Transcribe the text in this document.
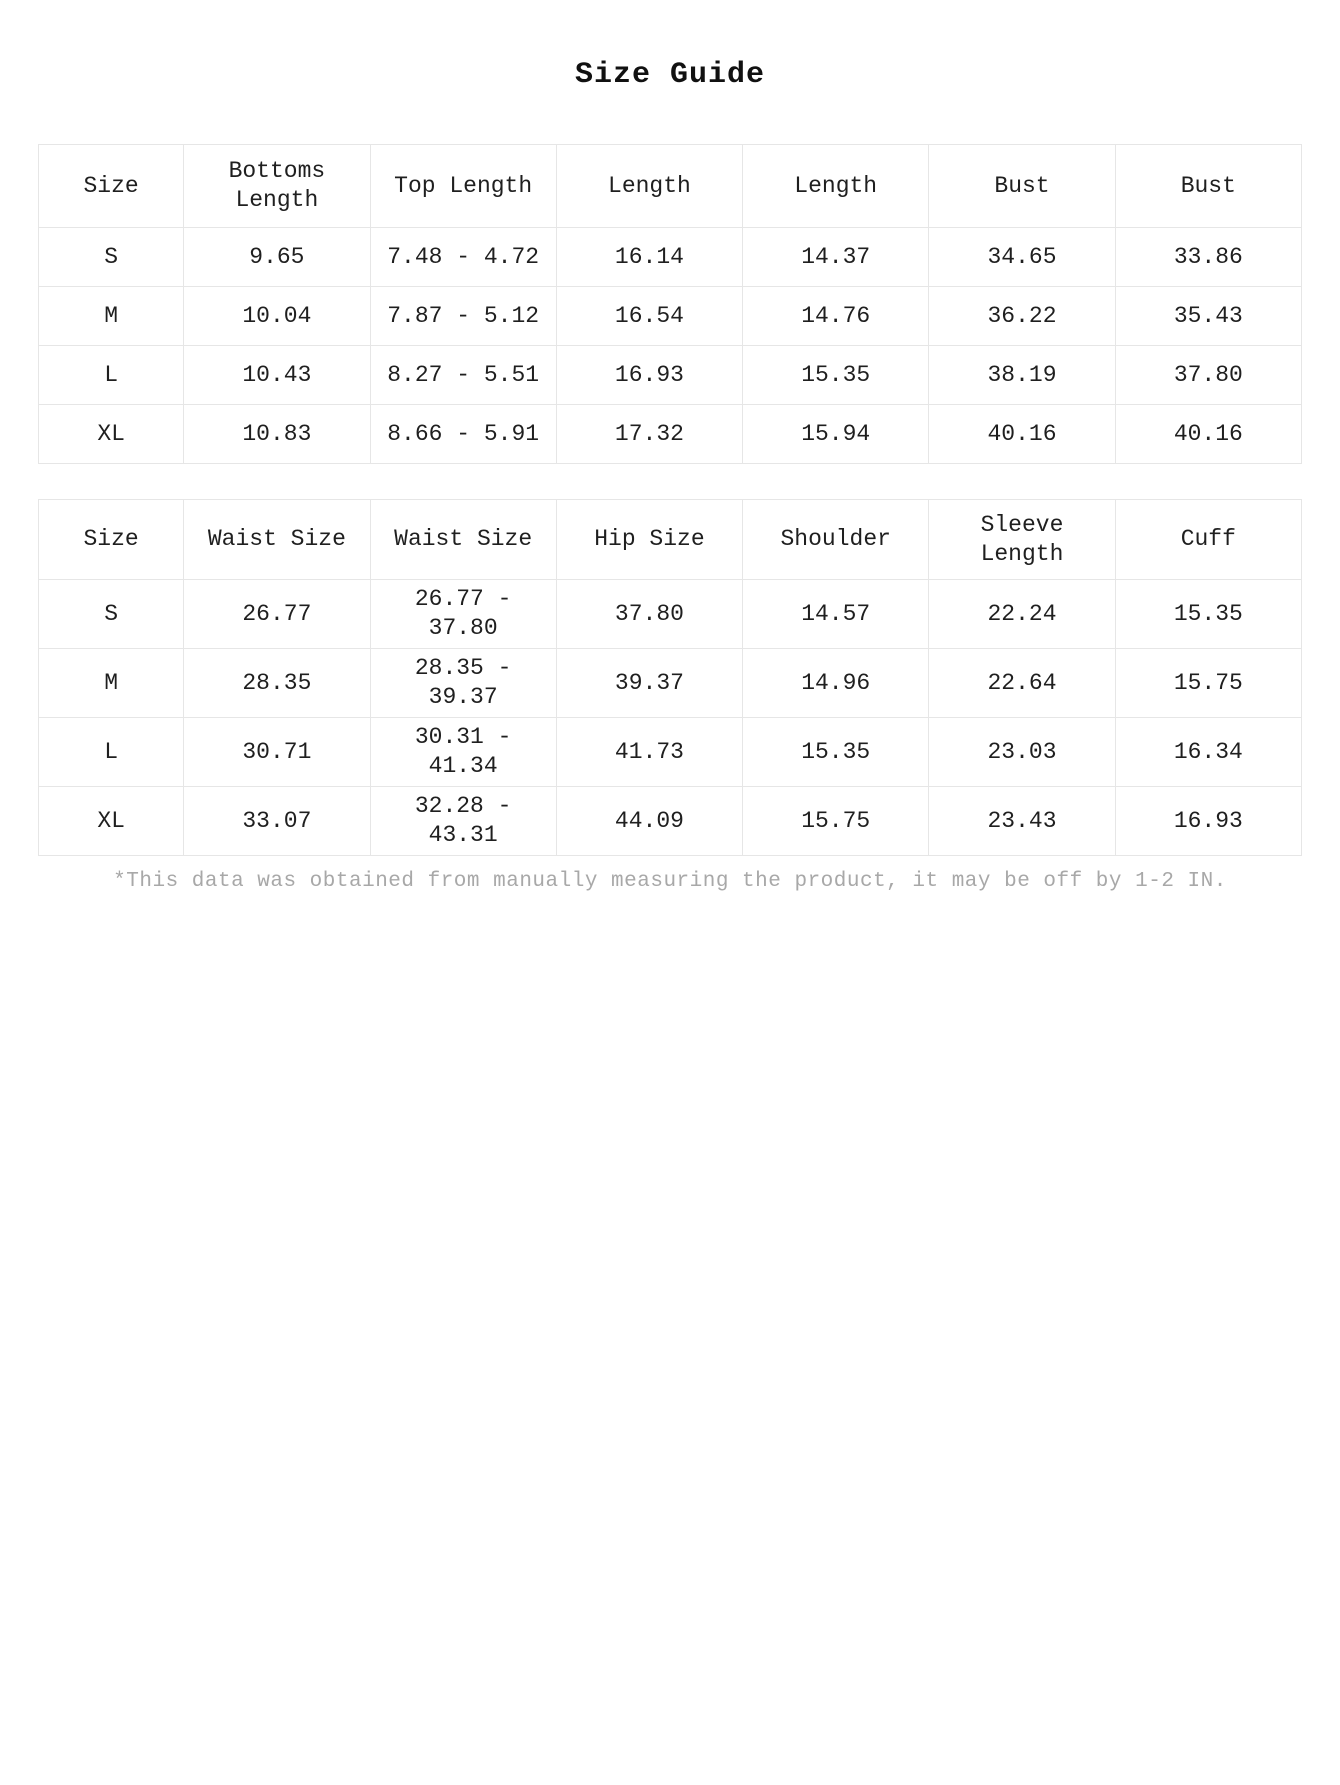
Size Guide
Size	Bottoms Length	Top Length	Length	Length	Bust	Bust
S	9.65	7.48 - 4.72	16.14	14.37	34.65	33.86
M	10.04	7.87 - 5.12	16.54	14.76	36.22	35.43
L	10.43	8.27 - 5.51	16.93	15.35	38.19	37.80
XL	10.83	8.66 - 5.91	17.32	15.94	40.16	40.16
Size	Waist Size	Waist Size	Hip Size	Shoulder	Sleeve Length	Cuff
S	26.77	26.77 - 37.80	37.80	14.57	22.24	15.35
M	28.35	28.35 - 39.37	39.37	14.96	22.64	15.75
L	30.71	30.31 - 41.34	41.73	15.35	23.03	16.34
XL	33.07	32.28 - 43.31	44.09	15.75	23.43	16.93

*This data was obtained from manually measuring the product, it may be off by 1-2 IN.
